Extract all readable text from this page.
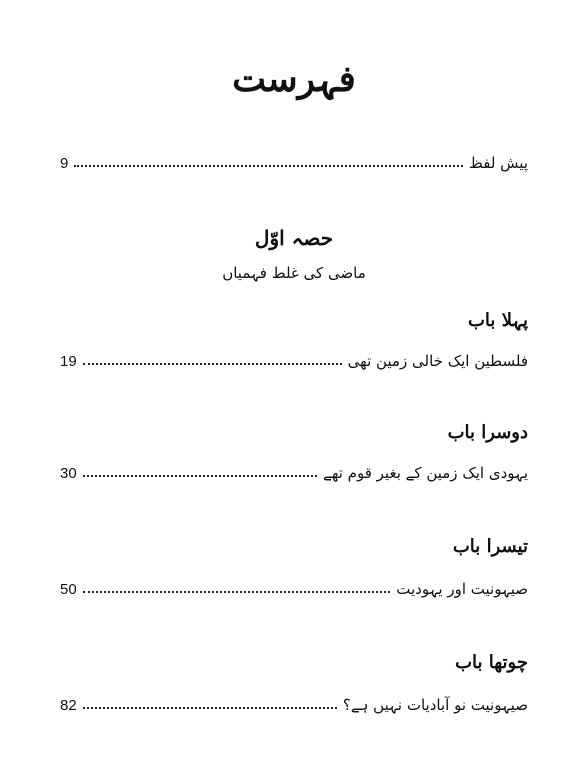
فہرست
پیش لفظ
9
حصہ اوّل
ماضی کی غلط فہمیاں
پہلا باب
فلسطین ایک خالی زمین تھی
19
دوسرا باب
یہودی ایک زمین کے بغیر قوم تھے
30
تیسرا باب
صیہونیت اور یہودیت
50
چوتھا باب
صیہونیت نو آبادیات نہیں ہے؟
82
